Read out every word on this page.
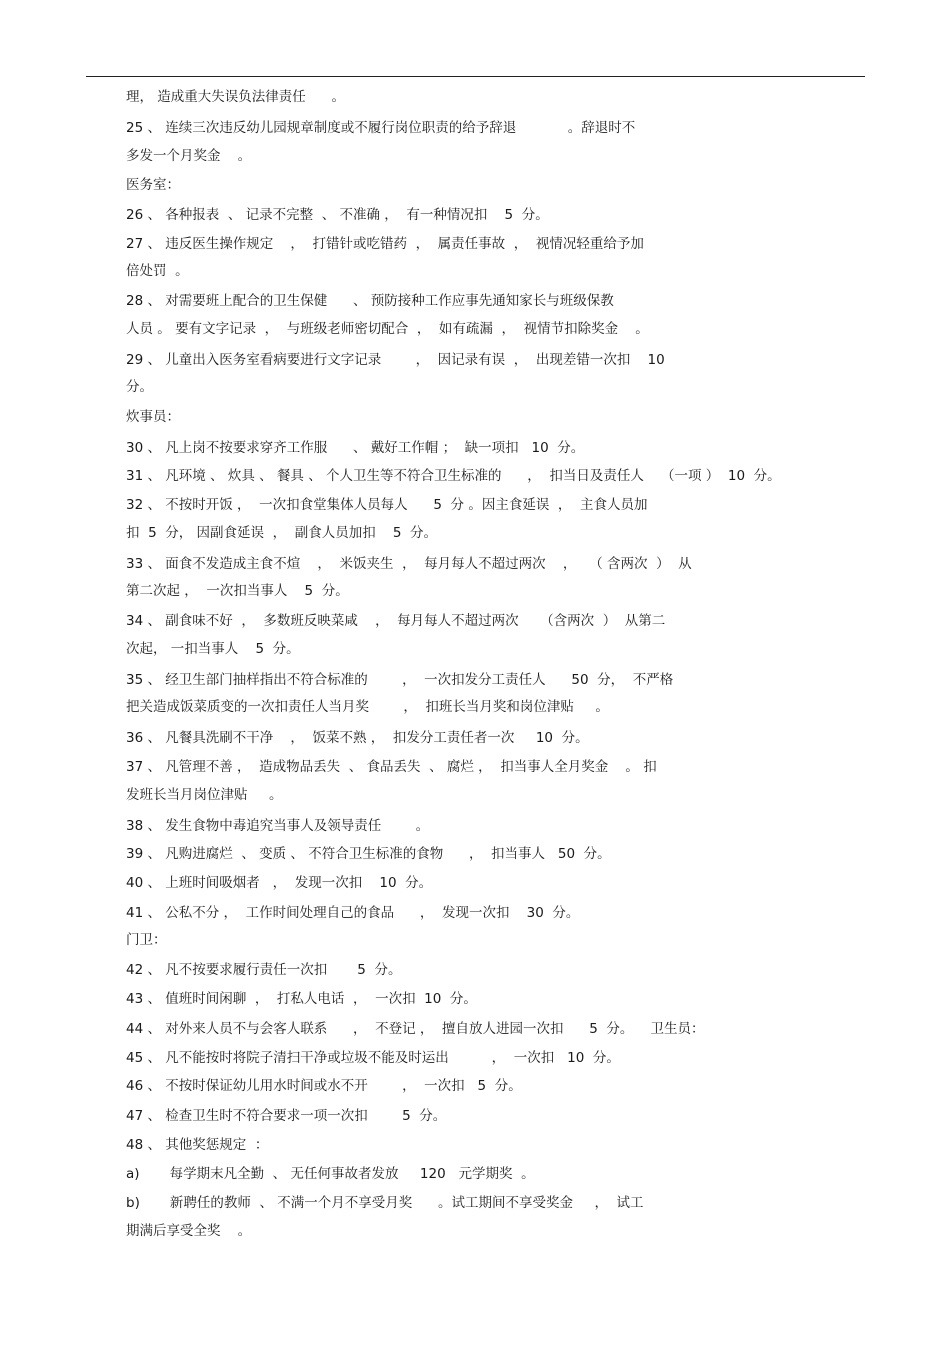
理， 造成重大失误负法律责任      。

25 、 连续三次违反幼儿园规章制度或不履行岗位职责的给予辞退            。辞退时不

多发一个月奖金    。

医务室：

26 、 各种报表  、 记录不完整  、 不准确 ，  有一种情况扣    5  分。

27 、 违反医生操作规定    ，  打错针或吃错药  ，  属责任事故  ，  视情况轻重给予加

倍处罚  。

28 、 对需要班上配合的卫生保健      、 预防接种工作应事先通知家长与班级保教

人员 。 要有文字记录  ，  与班级老师密切配合  ，  如有疏漏  ，  视情节扣除奖金    。

29 、 儿童出入医务室看病要进行文字记录        ，  因记录有误  ，  出现差错一次扣    10

分。

炊事员：

30 、 凡上岗不按要求穿齐工作服      、 戴好工作帽 ；  缺一项扣   10  分。

31 、 凡环境 、 炊具 、 餐具 、 个人卫生等不符合卫生标准的      ，  扣当日及责任人    （一项 ）  10  分。

32 、 不按时开饭 ，  一次扣食堂集体人员每人      5  分 。因主食延误  ，  主食人员加

扣  5  分， 因副食延误  ，  副食人员加扣    5  分。

33 、 面食不发造成主食不煊    ，  米饭夹生  ，  每月每人不超过两次    ，   （ 含两次  ）  从

第二次起 ，  一次扣当事人    5  分。

34 、 副食味不好  ，  多数班反映菜咸    ，  每月每人不超过两次     （含两次  ）  从第二

次起， 一扣当事人    5  分。

35 、 经卫生部门抽样指出不符合标准的        ，  一次扣发分工责任人      50  分，  不严格

把关造成饭菜质变的一次扣责任人当月奖        ，  扣班长当月奖和岗位津贴     。

36 、 凡餐具洗刷不干净    ，  饭菜不熟 ，  扣发分工责任者一次     10  分。

37 、 凡管理不善 ，  造成物品丢失  、 食品丢失  、 腐烂 ，  扣当事人全月奖金    。 扣

发班长当月岗位津贴     。

38 、 发生食物中毒追究当事人及领导责任        。

39 、 凡购进腐烂  、 变质 、 不符合卫生标准的食物      ，  扣当事人   50  分。

40 、 上班时间吸烟者   ，  发现一次扣    10  分。

41 、 公私不分 ，  工作时间处理自己的食品      ，  发现一次扣    30  分。

门卫：

42 、 凡不按要求履行责任一次扣       5  分。

43 、 值班时间闲聊  ，  打私人电话  ，  一次扣  10  分。

44 、 对外来人员不与会客人联系      ，  不登记 ，  擅自放人进园一次扣      5  分。    卫生员：

45 、 凡不能按时将院子清扫干净或垃圾不能及时运出          ，  一次扣   10  分。

46 、 不按时保证幼儿用水时间或水不开        ，  一次扣   5  分。

47 、 检查卫生时不符合要求一项一次扣        5  分。

48 、 其他奖惩规定  ：

a)       每学期末凡全勤  、 无任何事故者发放     120   元学期奖  。

b)       新聘任的教师  、 不满一个月不享受月奖      。试工期间不享受奖金     ，  试工

期满后享受全奖    。
